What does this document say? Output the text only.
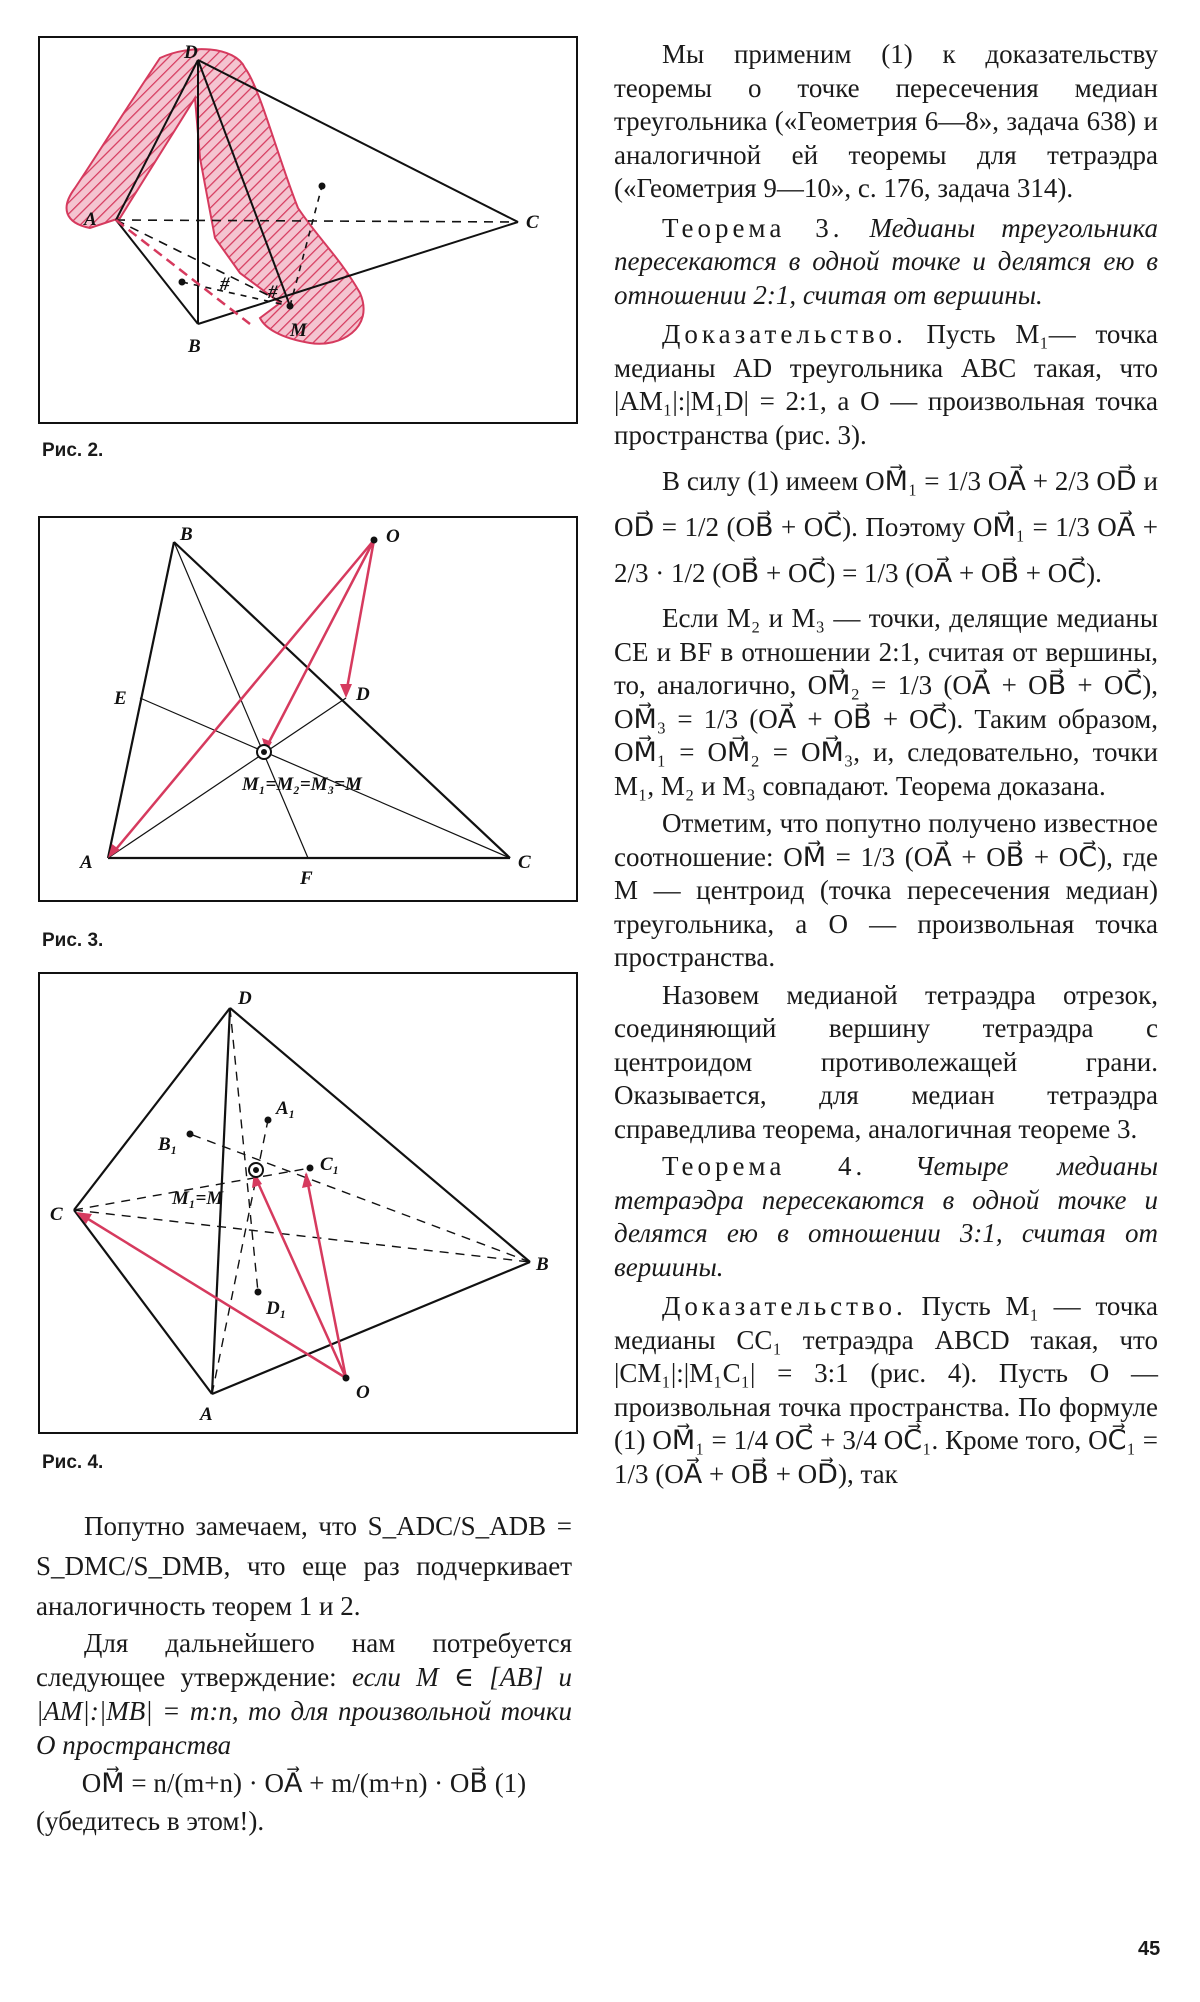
D
A	C
B
M
#
#
Рис. 2.
B	O
E	D
A
F
C
M₁=M₂=M₃=M
Рис. 3.
D
A₁
B₁
C₁
M₁=M
C
B
D₁
O
A
Рис. 4.

Попутно замечаем, что S_ADC/S_ADB = S_DMC/S_DMB, что еще раз подчеркивает аналогичность теорем 1 и 2.

Для дальнейшего нам потребуется следующее утверждение: если M ∈ [AB] и |AM|:|MB| = m:n, то для произвольной точки O пространства

OM⃗ = n/(m+n) · OA⃗ + m/(m+n) · OB⃗ (1)

(убедитесь в этом!).

Мы применим (1) к доказательству теоремы о точке пересечения медиан треугольника («Геометрия 6—8», задача 638) и аналогичной ей теоремы для тетраэдра («Геометрия 9—10», с. 176, задача 314).

Теорема 3. Медианы треугольника пересекаются в одной точке и делятся ею в отношении 2:1, считая от вершины.

Доказательство. Пусть M₁— точка медианы AD треугольника ABC такая, что |AM₁|:|M₁D| = 2:1, а O — произвольная точка пространства (рис. 3).

В силу (1) имеем OM⃗₁ = 1/3 OA⃗ + 2/3 OD⃗ и OD⃗ = 1/2 (OB⃗ + OC⃗). Поэтому OM⃗₁ = 1/3 OA⃗ + 2/3 · 1/2 (OB⃗ + OC⃗) = 1/3 (OA⃗ + OB⃗ + OC⃗).

Если M₂ и M₃ — точки, делящие медианы CE и BF в отношении 2:1, считая от вершины, то, аналогично, OM⃗₂ = 1/3 (OA⃗ + OB⃗ + OC⃗), OM⃗₃ = 1/3 (OA⃗ + OB⃗ + OC⃗). Таким образом, OM⃗₁ = OM⃗₂ = OM⃗₃, и, следовательно, точки M₁, M₂ и M₃ совпадают. Теорема доказана.

Отметим, что попутно получено известное соотношение: OM⃗ = 1/3 (OA⃗ + OB⃗ + OC⃗), где M — центроид (точка пересечения медиан) треугольника, а O — произвольная точка пространства.

Назовем медианой тетраэдра отрезок, соединяющий вершину тетраэдра с центроидом противолежащей грани. Оказывается, для медиан тетраэдра справедлива теорема, аналогичная теореме 3.

Теорема 4. Четыре медианы тетраэдра пересекаются в одной точке и делятся ею в отношении 3:1, считая от вершины.

Доказательство. Пусть M₁ — точка медианы CC₁ тетраэдра ABCD такая, что |CM₁|:|M₁C₁| = 3:1 (рис. 4). Пусть O — произвольная точка пространства. По формуле (1) OM⃗₁ = 1/4 OC⃗ + 3/4 OC⃗₁. Кроме того, OC⃗₁ = 1/3 (OA⃗ + OB⃗ + OD⃗), так

45
